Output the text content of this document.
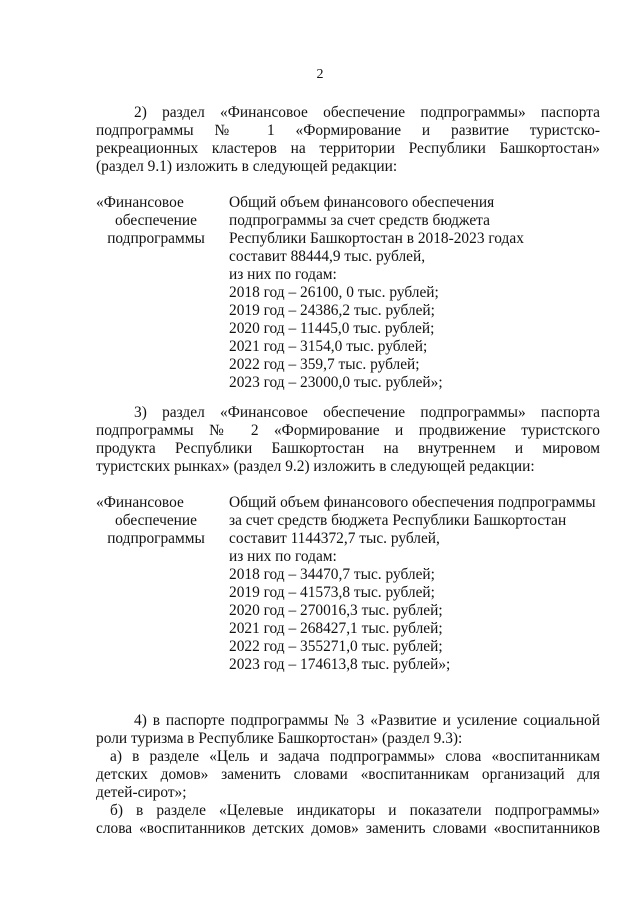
2
2) раздел «Финансовое обеспечение подпрограммы» паспорта
подпрограммы № 1 «Формирование и развитие туристско-
рекреационных кластеров на территории Республики Башкортостан»
(раздел 9.1) изложить в следующей редакции:
«Финансовое
обеспечение
подпрограммы
Общий объем финансового обеспечения
подпрограммы за счет средств бюджета
Республики Башкортостан в 2018-2023 годах
составит 88444,9 тыс. рублей,
из них по годам:
2018 год – 26100, 0 тыс. рублей;
2019 год – 24386,2 тыс. рублей;
2020 год – 11445,0 тыс. рублей;
2021 год – 3154,0 тыс. рублей;
2022 год – 359,7 тыс. рублей;
2023 год – 23000,0 тыс. рублей»;
3) раздел «Финансовое обеспечение подпрограммы» паспорта
подпрограммы № 2 «Формирование и продвижение туристского
продукта Республики Башкортостан на внутреннем и мировом
туристских рынках» (раздел 9.2) изложить в следующей редакции:
«Финансовое
обеспечение
подпрограммы
Общий объем финансового обеспечения подпрограммы
за счет средств бюджета Республики Башкортостан
составит 1144372,7 тыс. рублей,
из них по годам:
2018 год – 34470,7 тыс. рублей;
2019 год – 41573,8 тыс. рублей;
2020 год – 270016,3 тыс. рублей;
2021 год – 268427,1 тыс. рублей;
2022 год – 355271,0 тыс. рублей;
2023 год – 174613,8 тыс. рублей»;
4) в паспорте подпрограммы № 3 «Развитие и усиление социальной
роли туризма в Республике Башкортостан» (раздел 9.3):
а) в разделе «Цель и задача подпрограммы» слова «воспитанникам
детских домов» заменить словами «воспитанникам организаций для
детей-сирот»;
б) в разделе «Целевые индикаторы и показатели подпрограммы»
слова «воспитанников детских домов» заменить словами «воспитанников
